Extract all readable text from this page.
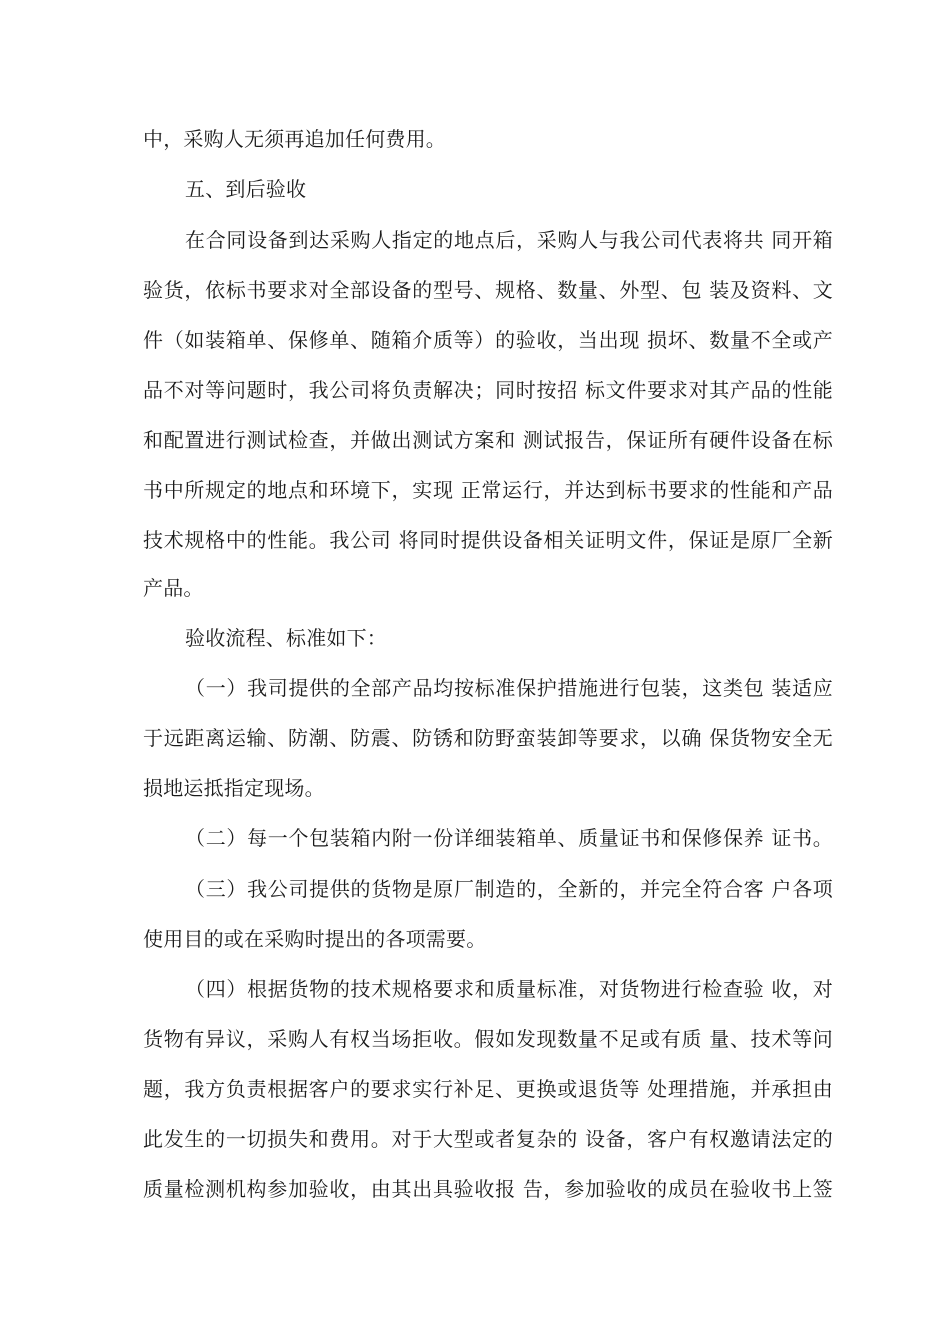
中，采购人无须再追加任何费用。
五、到后验收
在合同设备到达采购人指定的地点后，采购人与我公司代表将共 同开箱
验货，依标书要求对全部设备的型号、规格、数量、外型、包 装及资料、文
件（如装箱单、保修单、随箱介质等）的验收，当出现 损坏、数量不全或产
品不对等问题时，我公司将负责解决；同时按招 标文件要求对其产品的性能
和配置进行测试检查，并做出测试方案和 测试报告，保证所有硬件设备在标
书中所规定的地点和环境下，实现 正常运行，并达到标书要求的性能和产品
技术规格中的性能。我公司 将同时提供设备相关证明文件，保证是原厂全新
产品。
验收流程、标准如下：
（一）我司提供的全部产品均按标准保护措施进行包装，这类包 装适应
于远距离运输、防潮、防震、防锈和防野蛮装卸等要求，以确 保货物安全无
损地运抵指定现场。
（二）每一个包装箱内附一份详细装箱单、质量证书和保修保养 证书。
（三）我公司提供的货物是原厂制造的，全新的，并完全符合客 户各项
使用目的或在采购时提出的各项需要。
（四）根据货物的技术规格要求和质量标准，对货物进行检查验 收，对
货物有异议，采购人有权当场拒收。假如发现数量不足或有质 量、技术等问
题，我方负责根据客户的要求实行补足、更换或退货等 处理措施，并承担由
此发生的一切损失和费用。对于大型或者复杂的 设备，客户有权邀请法定的
质量检测机构参加验收，由其出具验收报 告，参加验收的成员在验收书上签
